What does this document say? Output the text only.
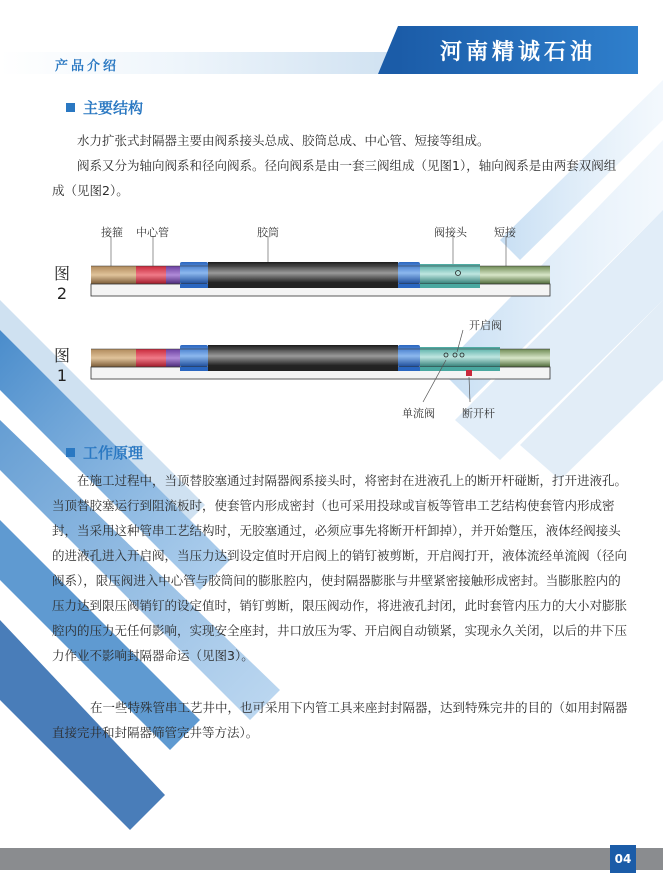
河南精诚石油
产品介绍
主要结构
水力扩张式封隔器主要由阀系接头总成、胶筒总成、中心管、短接等组成。
阀系又分为轴向阀系和径向阀系。径向阀系是由一套三阀组成（见图1），轴向阀系是由两套双阀组成（见图2）。
接箍 中心管	胶筒	阀接头 短接
图
2
图
1
开启阀
单流阀 断开杆
工作原理
在施工过程中，当顶替胶塞通过封隔器阀系接头时，将密封在进液孔上的断开杆碰断，打开进液孔。当顶替胶塞运行到阻流板时，使套管内形成密封（也可采用投球或盲板等管串工艺结构使套管内形成密封，当采用这种管串工艺结构时，无胶塞通过，必须应事先将断开杆卸掉），并开始蹩压，液体经阀接头的进液孔进入开启阀，当压力达到设定值时开启阀上的销钉被剪断，开启阀打开，液体流经单流阀（径向阀系），限压阀进入中心管与胶筒间的膨胀腔内，使封隔器膨胀与井壁紧密接触形成密封。当膨胀腔内的压力达到限压阀销钉的设定值时，销钉剪断，限压阀动作，将进液孔封闭，此时套管内压力的大小对膨胀腔内的压力无任何影响，实现安全座封，井口放压为零、开启阀自动锁紧，实现永久关闭，以后的井下压力作业不影响封隔器命运（见图3）。
在一些特殊管串工艺井中，也可采用下内管工具来座封封隔器，达到特殊完井的目的（如用封隔器直接完井和封隔器筛管完井等方法）。
04
